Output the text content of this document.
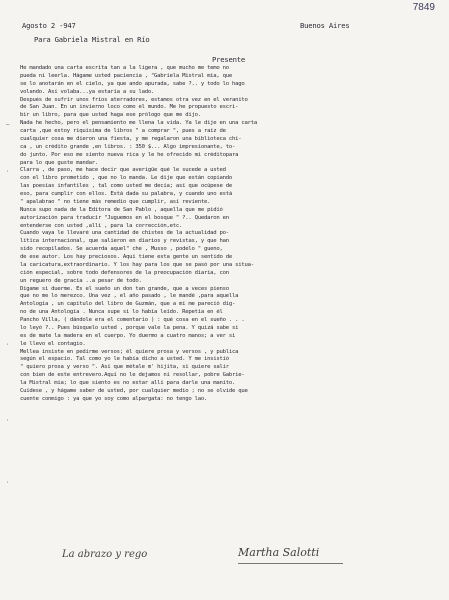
7849
Agosto 2 -947	Buenos Aires
Para Gabriela Mistral en Río
Presente
He mandado una carta escrita tan a la ligera , que mucho me temo no
pueda ni leerla. Hágame usted paciencia , "Gabriela Mistral mía, que
se lo anotarán en el cielo, ya que ando apurada, sabe ?.. y todo lo hago
volando. Así volaba...ya estaría a su lado.
Después de sufrir unos fríos aterradores, estamos otra vez en el veranito
de San Juan. En un invierno loco como el mundo. Me he propuesto escri-
bir un libro, para que usted haga ese prólogo que me dijo.
Nada he hecho, pero el pensamiento me llena la vida. Ya le dije en una carta
carta ,que estoy riquísima de libros " a comprar ", pues a raíz de
cualquier cosa me dieron una fiesta, y me regalaron una biblioteca chi-
ca , un crédito grande ,en libros. : 350 $... Algo impresionante, to-
do junto. Por eso me siento nueva rica y le he ofrecido mi créditopara
para lo que guste mandar.
Clarra , de paso, me hace decir que averigüe qué le sucede a usted
con el libro prometido , que no lo manda. Le dije que están copiando
las poesías infantiles , tal como usted me decía; así que ocúpese de
eso, para cumplir con ellos. Está dada su palabra, y cuando uno está
" apalabrao " no tiene más remedio que cumplir, así reviente.
Nunca supo nada de la Editora de San Pablo , aquella que me pidió
autorización para traducir "Juguemos en el bosque " ?.. Quedaron en
entenderse con usted ,allí , para la corrección,etc.
Cuando vaya le llevaré una cantidad de chistes de la actualidad po-
lítica internacional, que salieron en diarios y revistas, y que han
sido recopilados. Se acuerda aquel" che , Musso , podelo " gueno,
de ese autor. Los hay preciosos. Aquí tiene esta gente un sentido de
la caricatura,extraordinario. Y los hay para los que se pasó por una situa-
ción especial, sobre todo defensores de la preocupación diaria, con
un reguero de gracia ..a pesar de todo.
Dígame si duerme. Es el sueño un don tan grande, que a veces pienso
que no me lo merezco. Una vez , el año pasado , le mandé ,para aquella
Antología , un capítulo del libro de Guzmán, que a mí me pareció dig-
no de una Antología . Nunca supe si lo había leído. Repetía en él
Pancho Villa, ( dándole era el comentario ) : qué cosa en el sueño . . .
lo leyó ?.. Pues búsquelo usted , porque vale la pena. Y quizá sabe si
es de mate la madera en el cuerpo. Yo duermo a cuatro manos; a ver si
le llevo el contagio.
Mellea insiste en pedirme versos; él quiere prosa y versos , y publica
según el espacio. Tal como yo le había dicho a usted. Y me insistió
" quiero prosa y verso ". Así que métale m' hijita, si quiere salir
con bien de este entrevero.Aquí no le dejamos ni resollar, pobre Gabrie-
la Mistral mía; lo que siento es no estar allí para darle una manito.
Cuídese , y hágame saber de usted, por cualquier medio ; no se olvide que
cuente conmigo : ya que yo soy como alpargata: no tengo lao.
—
·
·
·
·
La abrazo y rego	Martha Salotti
